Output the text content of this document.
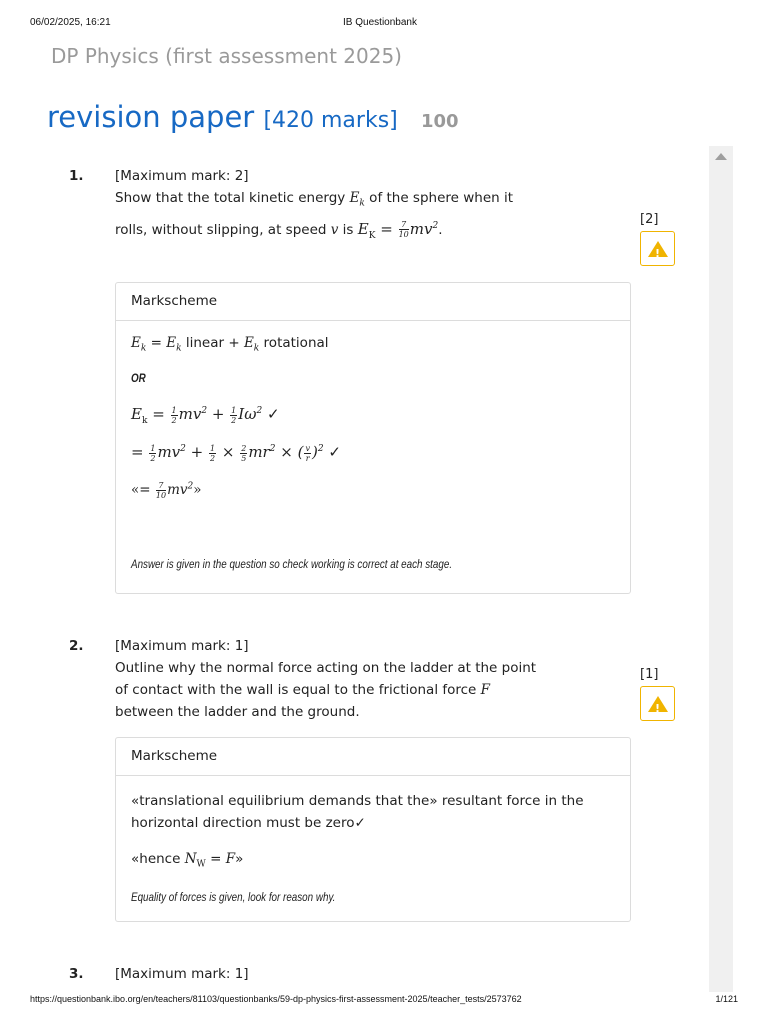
06/02/2025, 16:21	IB Questionbank
DP Physics (first assessment 2025)
revision paper [420 marks] 100
1. [Maximum mark: 2]
Show that the total kinetic energy $E_k$ of the sphere when it rolls, without slipping, at speed v is $E_K = \frac{7}{10} mv^2$.
[2]
!
Markscheme
$E_k = E_k$ linear + $E_k$ rotational
OR
$E_k = \frac{1}{2} mv^2 + \frac{1}{2} I\omega^2$ ✓
= $\frac{1}{2} mv^2 + \frac{1}{2} \times \frac{2}{5} mr^2$ × ( $\frac{v}{r} )^2$ ✓
«= $\frac{7}{10} mv^2$»
Answer is given in the question so check working is correct at each stage.
2. [Maximum mark: 1]
Outline why the normal force acting on the ladder at the point of contact with the wall is equal to the frictional force F between the ladder and the ground.
[1]
!
Markscheme
«translational equilibrium demands that the» resultant force in the horizontal direction must be zero✓
«hence $N_W = F$»
Equality of forces is given, look for reason why.
3. [Maximum mark: 1]
https://questionbank.ibo.org/en/teachers/81103/questionbanks/59-dp-physics-first-assessment-2025/teacher_tests/2573762	1/121
